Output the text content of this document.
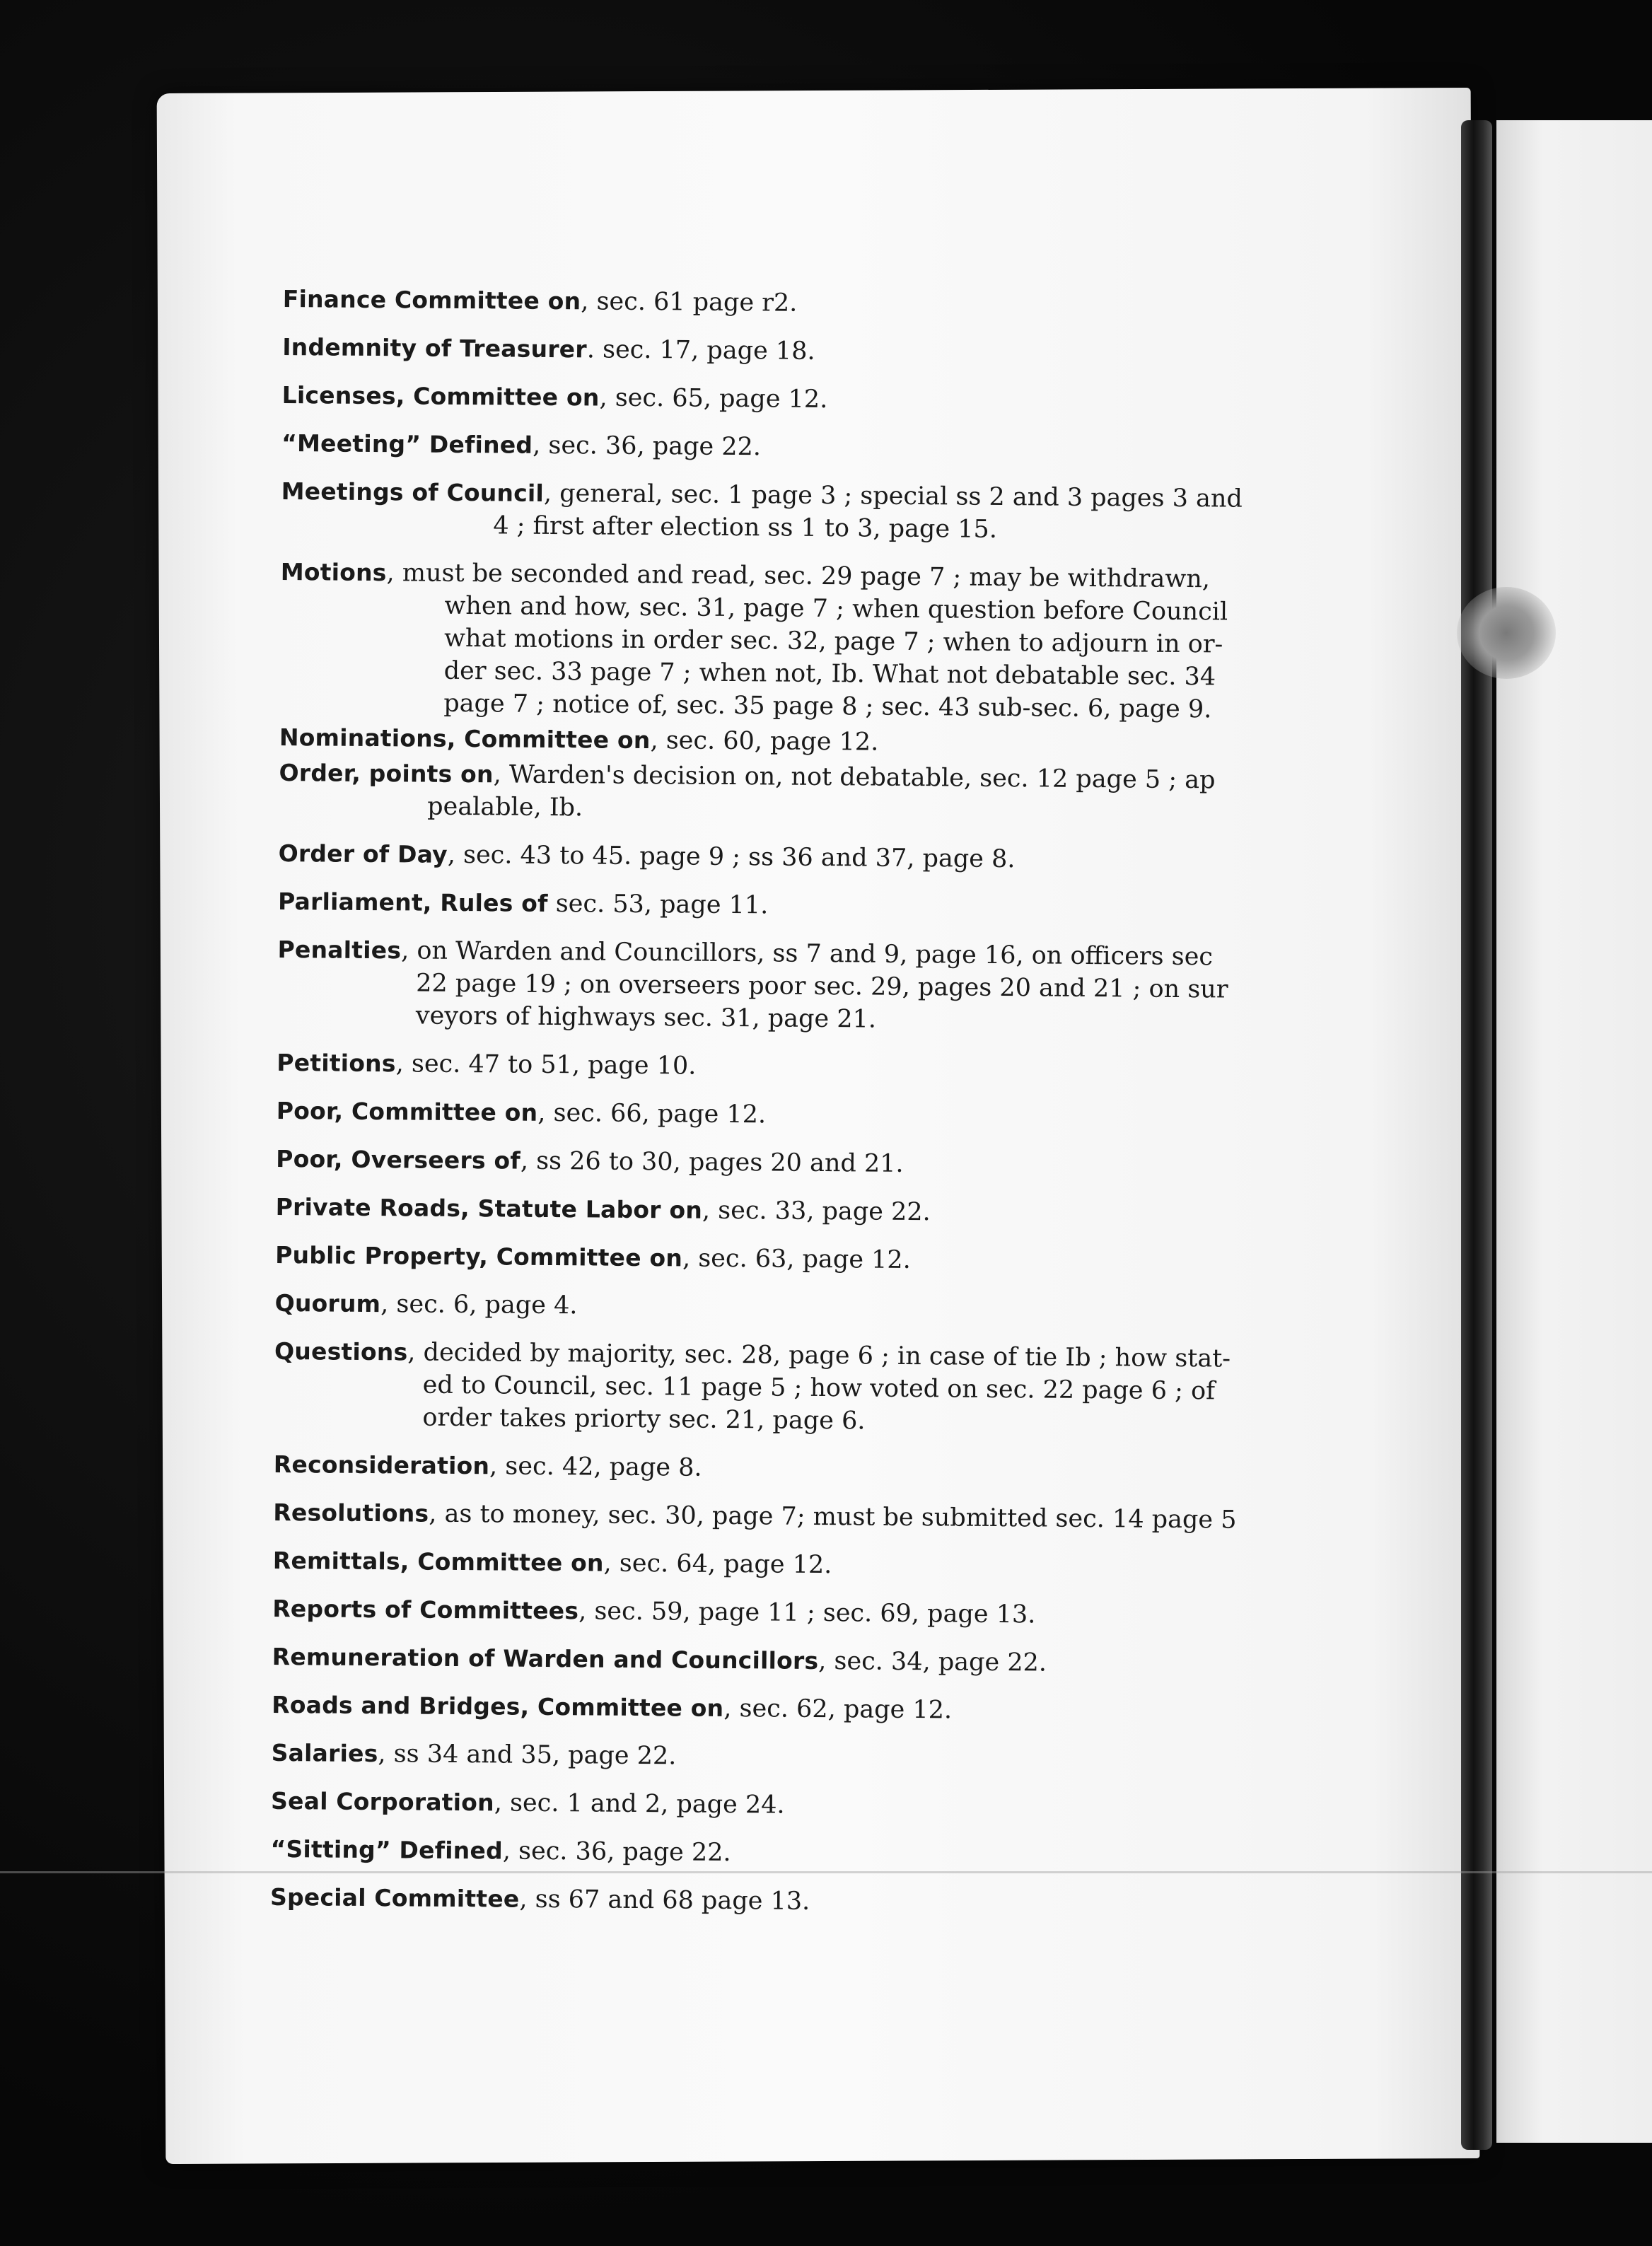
Finance Committee on, sec. 61 page r2.
Indemnity of Treasurer. sec. 17, page 18.
Licenses, Committee on, sec. 65, page 12.
“Meeting” Defined, sec. 36, page 22.
Meetings of Council, general, sec. 1 page 3 ; special ss 2 and 3 pages 3 and
4 ; first after election ss 1 to 3, page 15.
Motions, must be seconded and read, sec. 29 page 7 ; may be withdrawn,
when and how, sec. 31, page 7 ; when question before Council
what motions in order sec. 32, page 7 ; when to adjourn in or-
der sec. 33 page 7 ; when not, Ib. What not debatable sec. 34
page 7 ; notice of, sec. 35 page 8 ; sec. 43 sub-sec. 6, page 9.
Nominations, Committee on, sec. 60, page 12.
Order, points on, Warden's decision on, not debatable, sec. 12 page 5 ; ap
pealable, Ib.
Order of Day, sec. 43 to 45. page 9 ; ss 36 and 37, page 8.
Parliament, Rules of sec. 53, page 11.
Penalties, on Warden and Councillors, ss 7 and 9, page 16, on officers sec
22 page 19 ; on overseers poor sec. 29, pages 20 and 21 ; on sur
veyors of highways sec. 31, page 21.
Petitions, sec. 47 to 51, page 10.
Poor, Committee on, sec. 66, page 12.
Poor, Overseers of, ss 26 to 30, pages 20 and 21.
Private Roads, Statute Labor on, sec. 33, page 22.
Public Property, Committee on, sec. 63, page 12.
Quorum, sec. 6, page 4.
Questions, decided by majority, sec. 28, page 6 ; in case of tie Ib ; how stat-
ed to Council, sec. 11 page 5 ; how voted on sec. 22 page 6 ; of
order takes priorty sec. 21, page 6.
Reconsideration, sec. 42, page 8.
Resolutions, as to money, sec. 30, page 7; must be submitted sec. 14 page 5
Remittals, Committee on, sec. 64, page 12.
Reports of Committees, sec. 59, page 11 ; sec. 69, page 13.
Remuneration of Warden and Councillors, sec. 34, page 22.
Roads and Bridges, Committee on, sec. 62, page 12.
Salaries, ss 34 and 35, page 22.
Seal Corporation, sec. 1 and 2, page 24.
“Sitting” Defined, sec. 36, page 22.
Special Committee, ss 67 and 68 page 13.
